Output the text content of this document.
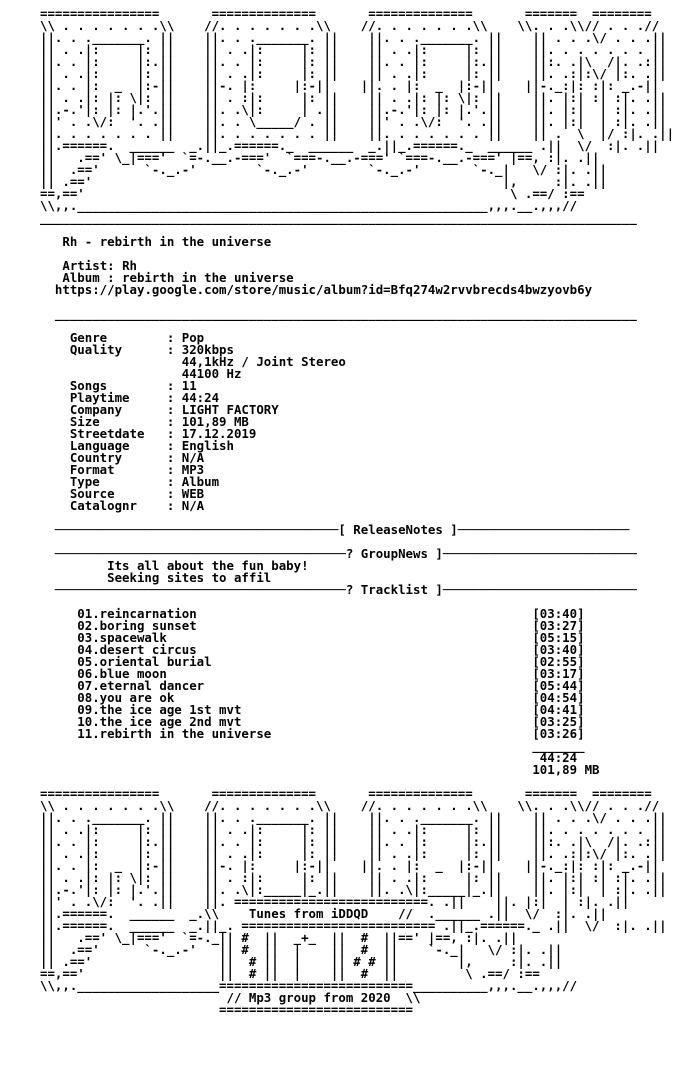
================       ==============       ==============       =======  ========
\\ . . . . . . .\\    //. . . . . . .\\    //. . . . . . .\\    \\. . .\\// . . .//
||. . ._______. ||    ||. . ._______. ||    ||. . ._______. ||    || . . .\/ . . .||
|| . .|:     |: ||    || . .|:     |: ||    || . .|:     |: ||    ||. . . . . . . ||
||. . |:     |:.||    ||. . |:     |: ||    ||. . |:     |:.||    ||:. .|\  /|. .:||
|| . .|:     |: ||    || . .|:     |: ||    || . .|:     |: ||    ||. .:|:\/ |:. .||
||. . |:  _  |:-||    ||-. |:     |:-||    ||. . |:  _  |:-||    ||-._:|: :|: _.-||
|| . .|: |: \|: ||    || . :|:     |: ||    || . .|: |: \|: ||    ||. |:| :| :|. .||
||.-.'|: |: |.'.||    ||. .\|:     | .||    ||.-.'|: |: |.'.||    ||. |:|  | :|. .||
||' . .\/:  '. .||    ||. . \_____/ . ||    ||' . .\/:  '. .||    ||. |:|  | :|. .||
||. . . . . . . ||    ||. . . . . . . ||    ||. . . . . . . ||    || .  \  |/ :|. .||
||.======.  ______  _.||_.======._  ______  _.||_.======._  ______ .||  \/  :|. .||
||   .==' \_|==='  `=-.__.-==='  `===-.__.-===' `===-.__.-===' |==, :|. .||
||  .=='      `-._.-'        `-._.-'        `-._.-'       `-._|   \/ :|. .||
|| .=='                                                       |,     :|. .||
==,=='                                                         \ .==/ :==
\\,,._______________________________________________________,,,.__.,,,//
________________________________________________________________________________

Rh - rebirth in the universe

Artist: Rh
Album : rebirth in the universe
https://play.google.com/store/music/album?id=Bfq274w2rvvbrecds4bwzyovb6y

______________________________________________________________________________

Genre        : Pop
Quality      : 320kbps
44,1kHz / Joint Stereo
44100 Hz
Songs        : 11
Playtime     : 44:24
Company      : LIGHT FACTORY
Size         : 101,89 MB
Streetdate   : 17.12.2019
Language     : English
Country      : N/A
Format       : MP3
Type         : Album
Source       : WEB
Catalognr    : N/A

──────────────────────────────────────[ ReleaseNotes ]───────────────────────

───────────────────────────────────────? GroupNews ]──────────────────────────
Its all about the fun baby!
Seeking sites to affil
───────────────────────────────────────? Tracklist ]──────────────────────────

01.reincarnation                                             [03:40]
02.boring sunset                                             [03:27]
03.spacewalk                                                 [05:15]
04.desert circus                                             [03:40]
05.oriental burial                                           [02:55]
06.blue moon                                                 [03:17]
07.eternal dancer                                            [05:44]
08.you are ok                                                [04:54]
09.the ice age 1st mvt                                       [04:41]
10.the ice age 2nd mvt                                       [03:25]
11.rebirth in the universe                                   [03:26]
_______
44:24
101,89 MB

================       ==============       ==============       =======  ========
\\ . . . . . . .\\    //. . . . . . .\\    //. . . . . . .\\    \\. . .\\// . . .//
||. . ._______. ||    ||. . ._______. ||    ||. . ._______. ||    || . . .\/ . . .||
|| . .|:     |: ||    || . .|:     |: ||    || . .|:     |: ||    ||. . . . . . . ||
||. . |:     |:.||    ||. . |:     |: ||    ||. . |:     |:.||    ||:. .|\  /|. .:||
|| . .|:     |: ||    || . .|:     |: ||    || . .|:     |: ||    ||. .:|:\/ |:. .||
||. . |:  _  |:-||    ||-. |:     |:-||    ||. . |:  _  |:-||    ||-._:|: :|: _.-||
|| . .|: |: \|: ||    || . :|:     |: ||    || . .|:     |: ||    ||. |:| :| :|. .||
||.-.'|: |: |.'.||    ||. .\|:_____|_.||    ||. .\|:_____|_.||    ||. |:|  | :|. .||
||' . .\/:  '. .||    ||. ==========================. .||    ||. |:|  | :|. .||
||.======.  ______  _.\\    Tunes from iDDQD    //  .______ .||  \/  :|. .||
||.======.  ______  _.||_. ========================== .||_.======._ .||  \/  :|. .||
||   .==' \_|==='  `=-._|| #  ||  _+_  ||  #  ||==' |==, :|. .||
||  .=='      `-._.-'   || #  ||  |    ||  #  ||    `-._|   \/ :|. .||
|| .=='                 ||  # ||  |    || # # ||        |,     :|. .||
==,=='                  ||  # ||  |    ||  #  ||         \ .==/ :==
\\,,.___________________==========================__________,,,.__.,,,//
// Mp3 group from 2020  \\
==========================
